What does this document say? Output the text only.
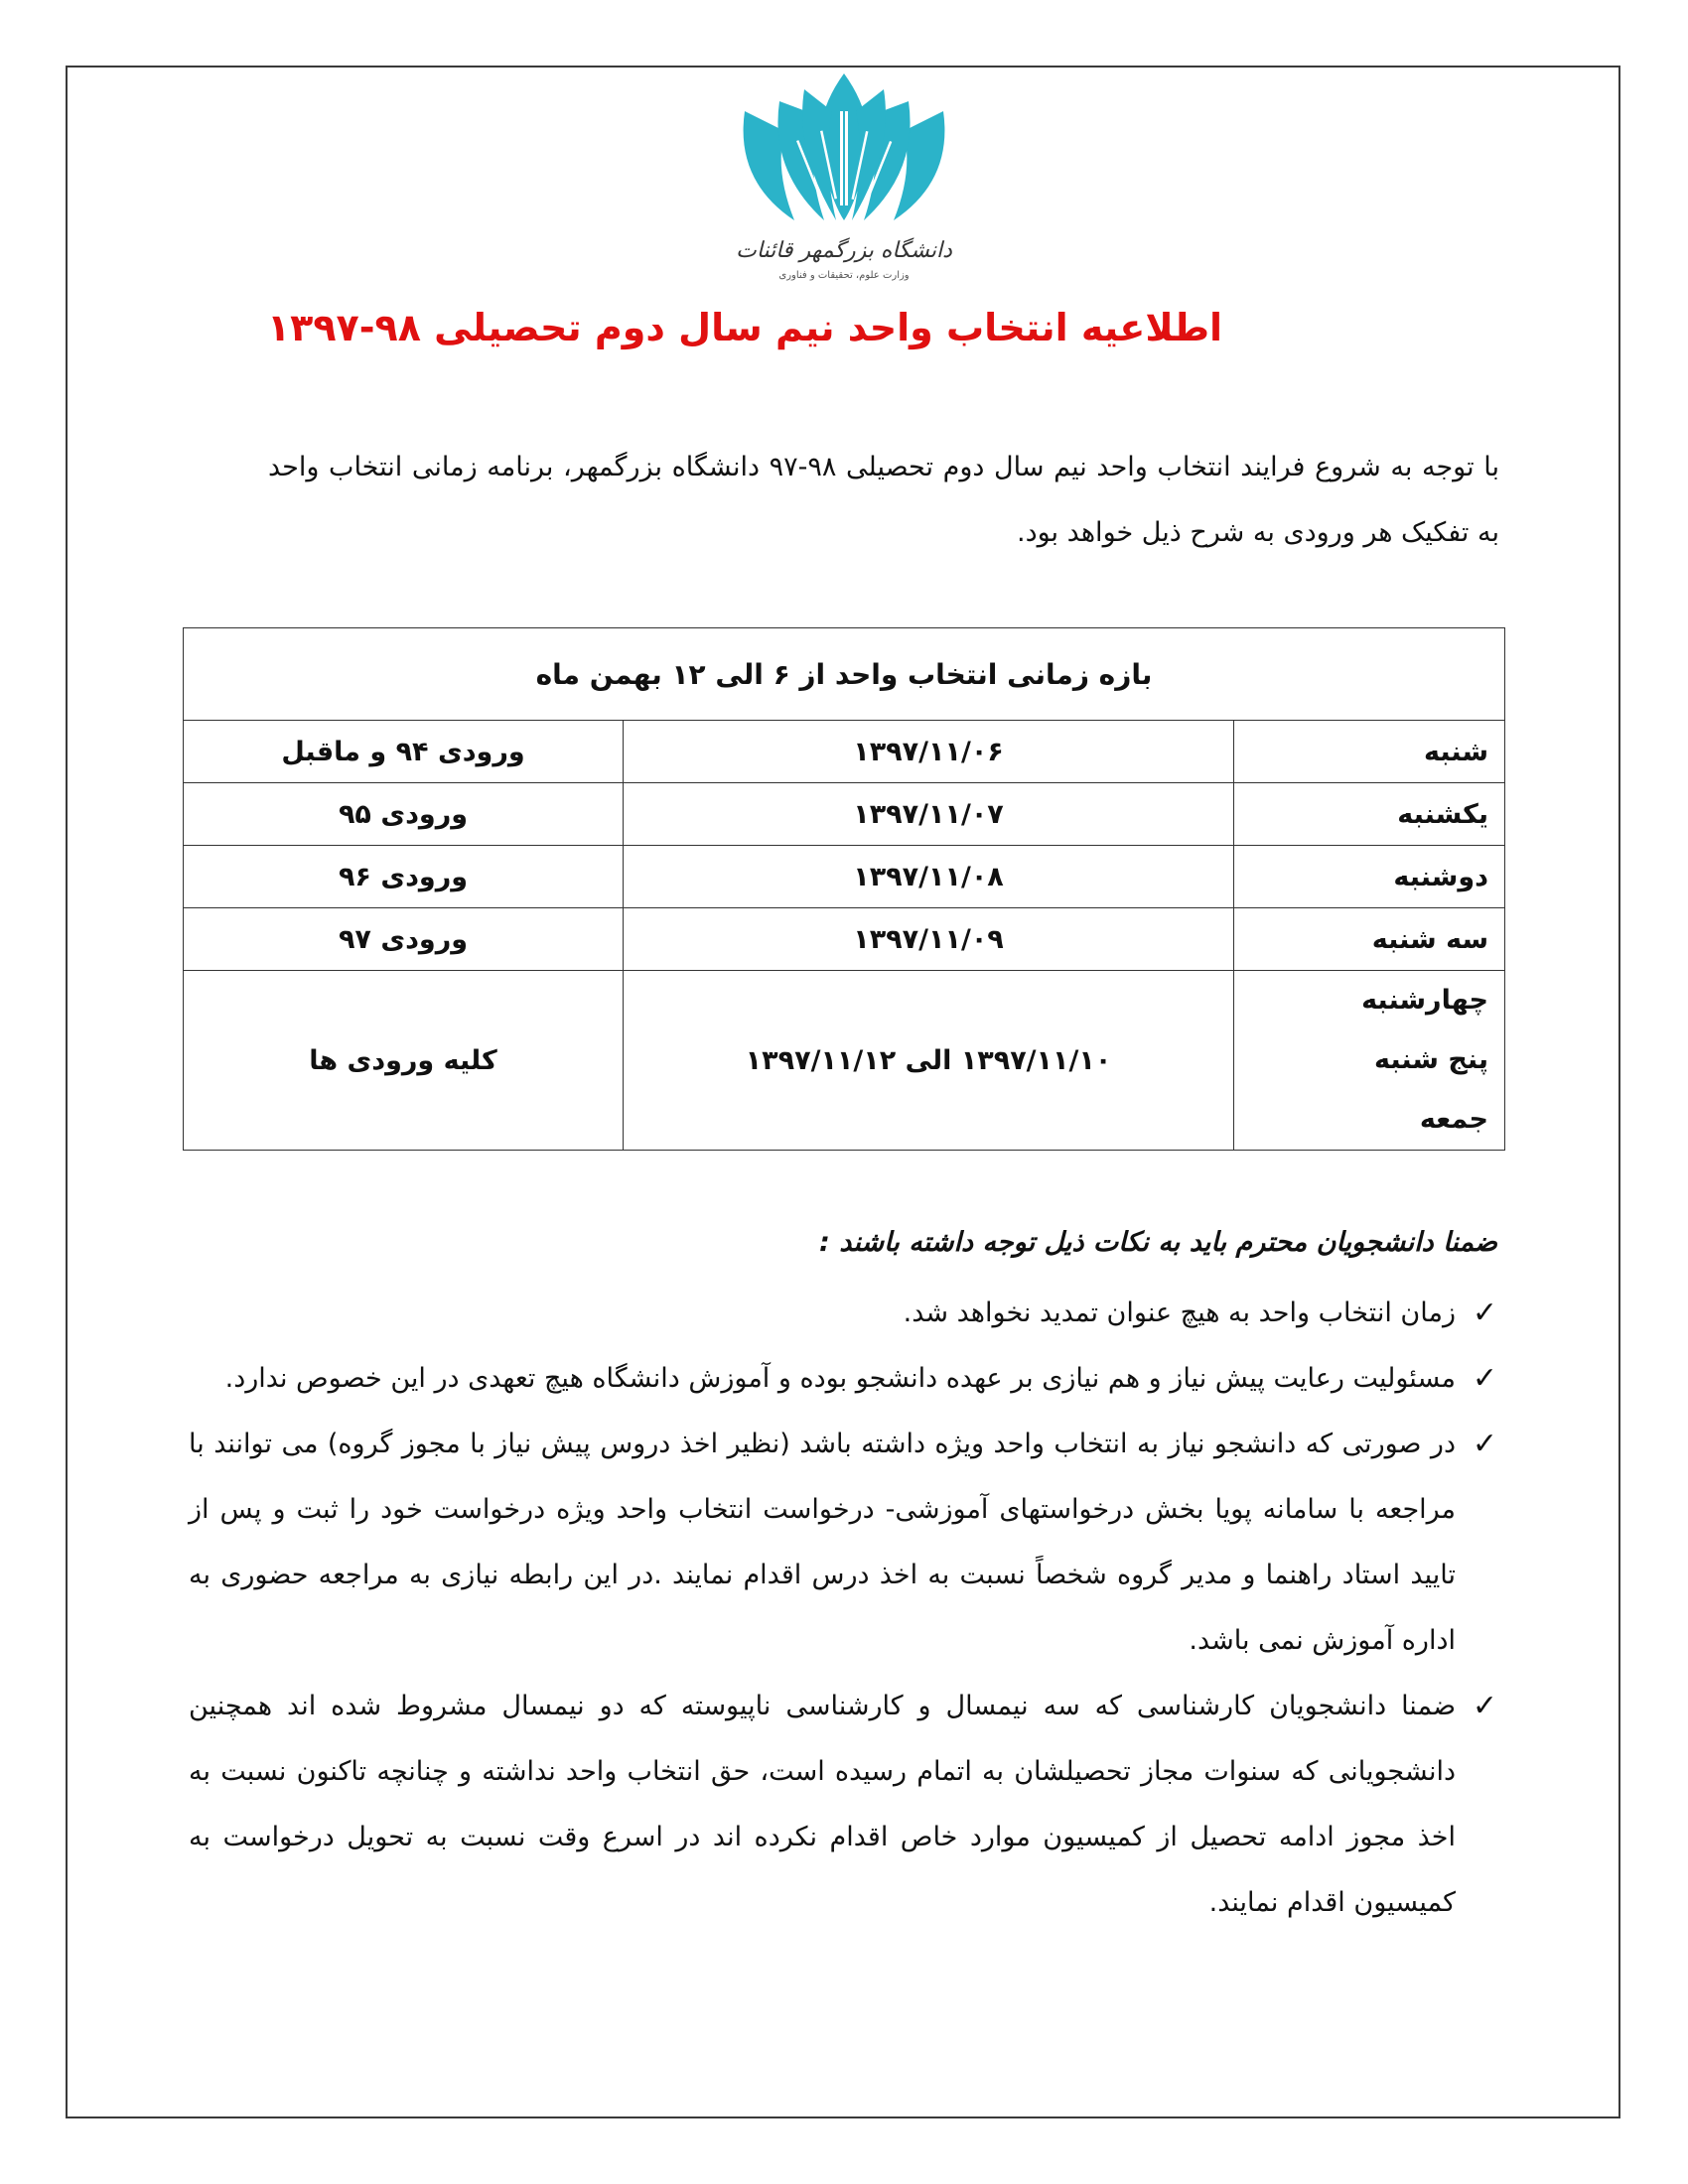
دانشگاه بزرگمهر قائنات
وزارت علوم، تحقیقات و فناوری
اطلاعیه انتخاب واحد نیم سال دوم تحصیلی ۹۸-۱۳۹۷
با توجه به شروع فرایند انتخاب واحد نیم سال دوم تحصیلی ۹۸-۹۷ دانشگاه بزرگمهر، برنامه زمانی انتخاب واحد به تفکیک هر ورودی به شرح ذیل خواهد بود.
بازه زمانی انتخاب واحد از ۶ الی ۱۲ بهمن ماه		
شنبه	۱۳۹۷/۱۱/۰۶	ورودی ۹۴ و ماقبل
یکشنبه	۱۳۹۷/۱۱/۰۷	ورودی ۹۵
دوشنبه	۱۳۹۷/۱۱/۰۸	ورودی ۹۶
سه شنبه	۱۳۹۷/۱۱/۰۹	ورودی ۹۷

چهارشنبه
پنج شنبه
جمعه	۱۳۹۷/۱۱/۱۰ الی ۱۳۹۷/۱۱/۱۲	کلیه ورودی ها
ضمنا دانشجویان محترم باید به نکات ذیل توجه داشته باشند :
✓
زمان انتخاب واحد به هیچ عنوان تمدید نخواهد شد.
✓
مسئولیت رعایت پیش نیاز و هم نیازی بر عهده دانشجو بوده و آموزش دانشگاه هیچ تعهدی در این خصوص ندارد.
✓
در صورتی که دانشجو نیاز به انتخاب واحد ویژه داشته باشد (نظیر اخذ دروس پیش نیاز با مجوز گروه) می توانند با مراجعه با سامانه پویا بخش درخواستهای آموزشی- درخواست انتخاب واحد ویژه درخواست خود را ثبت و پس از تایید استاد راهنما و مدیر گروه شخصاً نسبت به اخذ درس اقدام نمایند .در این رابطه نیازی به مراجعه حضوری به اداره آموزش نمی باشد.
✓
ضمنا دانشجویان کارشناسی که سه نیمسال و کارشناسی ناپیوسته که دو نیمسال مشروط شده اند همچنین دانشجویانی که سنوات مجاز تحصیلشان به اتمام رسیده است، حق انتخاب واحد نداشته و چنانچه تاکنون نسبت به اخذ مجوز ادامه تحصیل از کمیسیون موارد خاص اقدام نکرده اند در اسرع وقت نسبت به تحویل درخواست به کمیسیون اقدام نمایند.
